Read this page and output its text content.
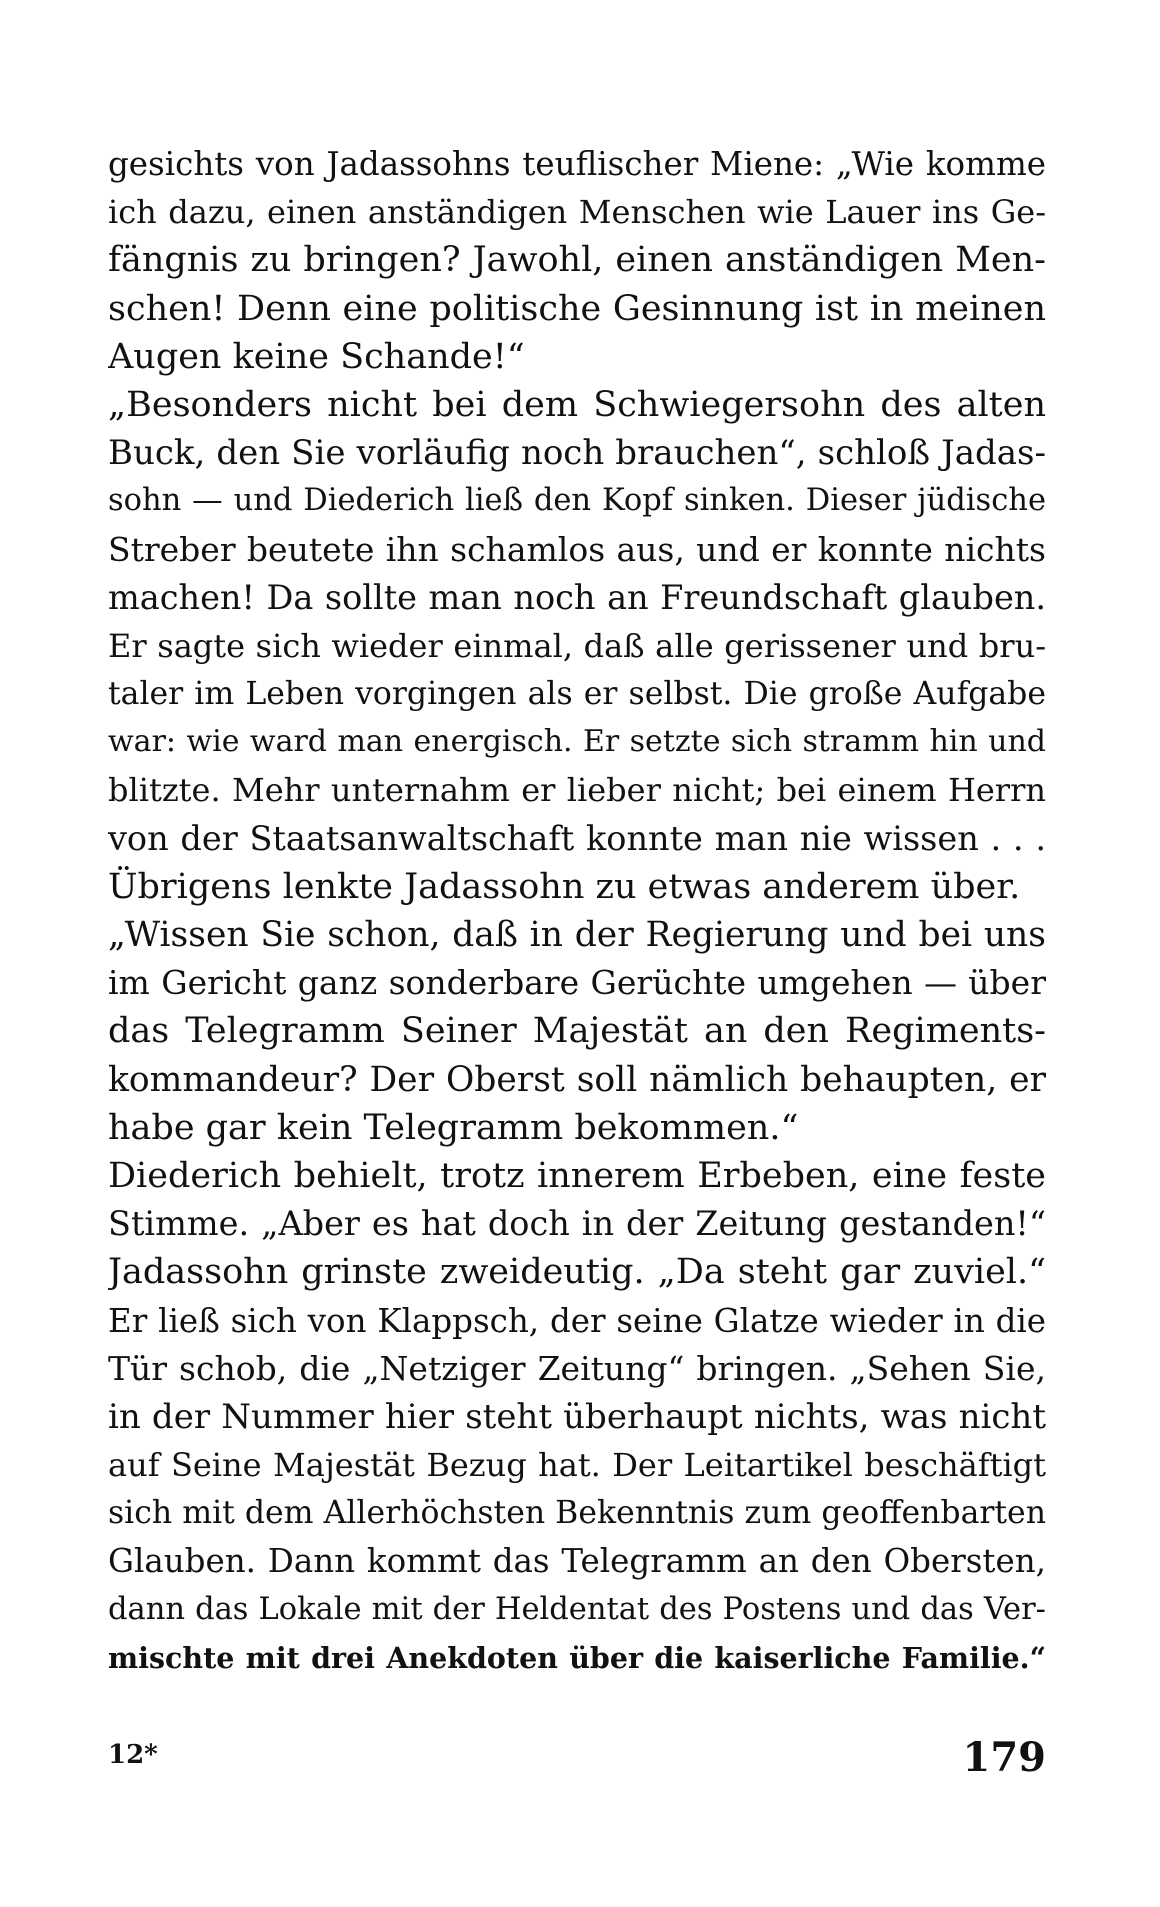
gesichts von Jadassohns teuflischer Miene: „Wie komme
ich dazu, einen anständigen Menschen wie Lauer ins Ge-
fängnis zu bringen? Jawohl, einen anständigen Men-
schen! Denn eine politische Gesinnung ist in meinen
Augen keine Schande!“
„Besonders nicht bei dem Schwiegersohn des alten
Buck, den Sie vorläufig noch brauchen“, schloß Jadas-
sohn — und Diederich ließ den Kopf sinken. Dieser jüdische
Streber beutete ihn schamlos aus, und er konnte nichts
machen! Da sollte man noch an Freundschaft glauben.
Er sagte sich wieder einmal, daß alle gerissener und bru-
taler im Leben vorgingen als er selbst. Die große Aufgabe
war: wie ward man energisch. Er setzte sich stramm hin und
blitzte. Mehr unternahm er lieber nicht; bei einem Herrn
von der Staatsanwaltschaft konnte man nie wissen . . .
Übrigens lenkte Jadassohn zu etwas anderem über.
„Wissen Sie schon, daß in der Regierung und bei uns
im Gericht ganz sonderbare Gerüchte umgehen — über
das Telegramm Seiner Majestät an den Regiments-
kommandeur? Der Oberst soll nämlich behaupten, er
habe gar kein Telegramm bekommen.“
Diederich behielt, trotz innerem Erbeben, eine feste
Stimme. „Aber es hat doch in der Zeitung gestanden!“
Jadassohn grinste zweideutig. „Da steht gar zuviel.“
Er ließ sich von Klappsch, der seine Glatze wieder in die
Tür schob, die „Netziger Zeitung“ bringen. „Sehen Sie,
in der Nummer hier steht überhaupt nichts, was nicht
auf Seine Majestät Bezug hat. Der Leitartikel beschäftigt
sich mit dem Allerhöchsten Bekenntnis zum geoffenbarten
Glauben. Dann kommt das Telegramm an den Obersten,
dann das Lokale mit der Heldentat des Postens und das Ver-
mischte mit drei Anekdoten über die kaiserliche Familie.“
12*	179
